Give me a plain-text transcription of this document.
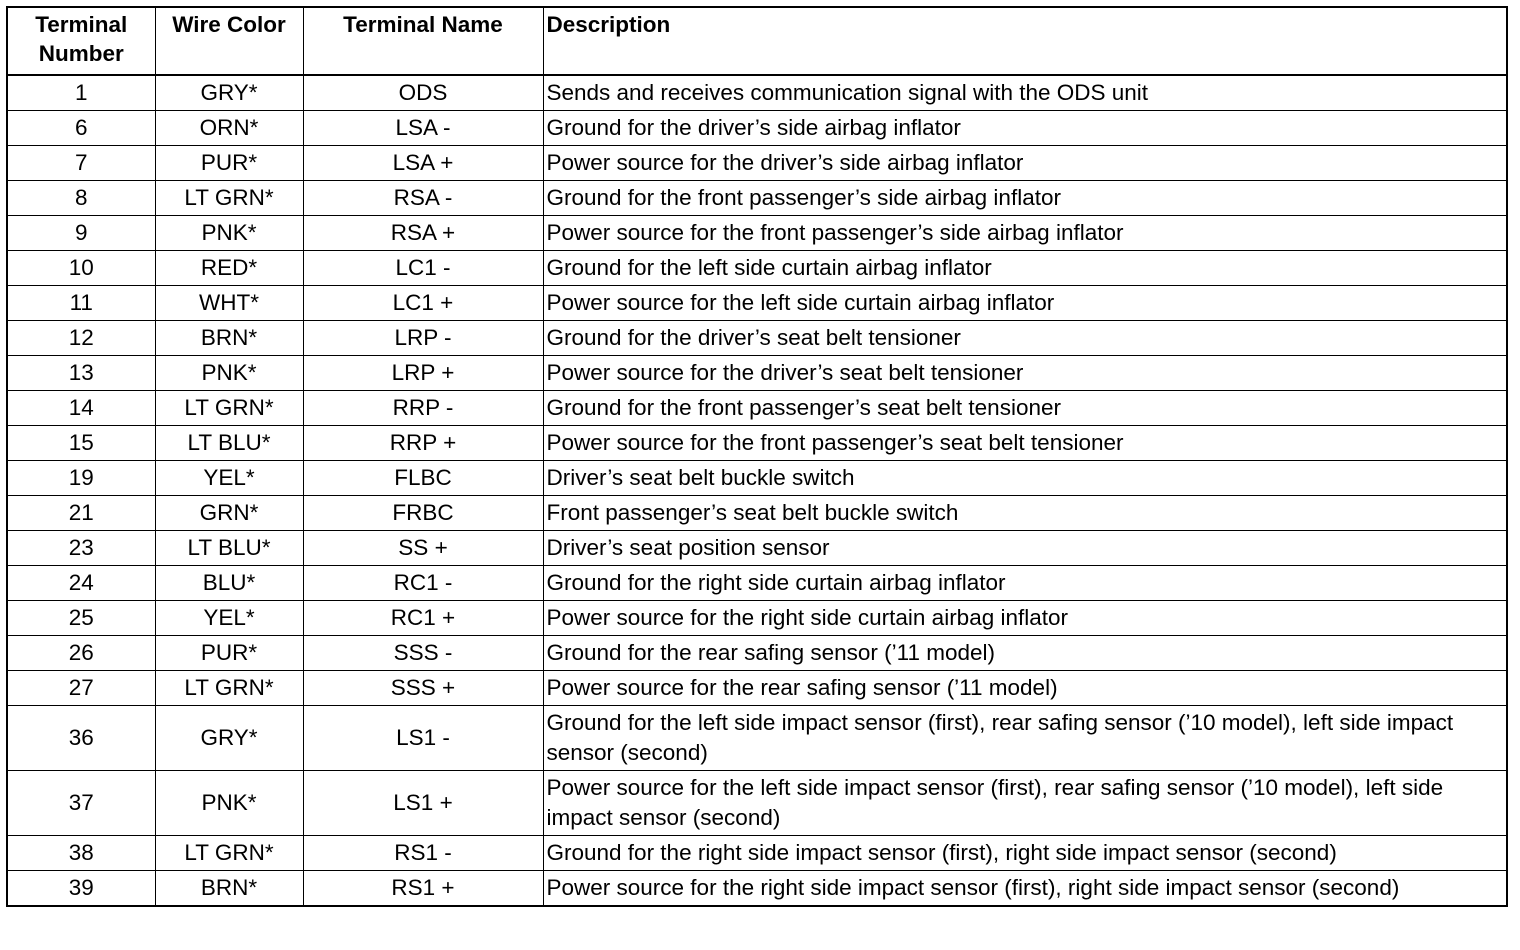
Terminal Number	Wire Color	Terminal Name	Description
1	GRY*	ODS	Sends and receives communication signal with the ODS unit
6	ORN*	LSA -	Ground for the driver’s side airbag inflator
7	PUR*	LSA +	Power source for the driver’s side airbag inflator
8	LT GRN*	RSA -	Ground for the front passenger’s side airbag inflator
9	PNK*	RSA +	Power source for the front passenger’s side airbag inflator
10	RED*	LC1 -	Ground for the left side curtain airbag inflator
11	WHT*	LC1 +	Power source for the left side curtain airbag inflator
12	BRN*	LRP -	Ground for the driver’s seat belt tensioner
13	PNK*	LRP +	Power source for the driver’s seat belt tensioner
14	LT GRN*	RRP -	Ground for the front passenger’s seat belt tensioner
15	LT BLU*	RRP +	Power source for the front passenger’s seat belt tensioner
19	YEL*	FLBC	Driver’s seat belt buckle switch
21	GRN*	FRBC	Front passenger’s seat belt buckle switch
23	LT BLU*	SS +	Driver’s seat position sensor
24	BLU*	RC1 -	Ground for the right side curtain airbag inflator
25	YEL*	RC1 +	Power source for the right side curtain airbag inflator
26	PUR*	SSS -	Ground for the rear safing sensor (’11 model)
27	LT GRN*	SSS +	Power source for the rear safing sensor (’11 model)
36	GRY*	LS1 -	Ground for the left side impact sensor (first), rear safing sensor (’10 model), left side impact sensor (second)
37	PNK*	LS1 +	Power source for the left side impact sensor (first), rear safing sensor (’10 model), left side impact sensor (second)
38	LT GRN*	RS1 -	Ground for the right side impact sensor (first), right side impact sensor (second)
39	BRN*	RS1 +	Power source for the right side impact sensor (first), right side impact sensor (second)
